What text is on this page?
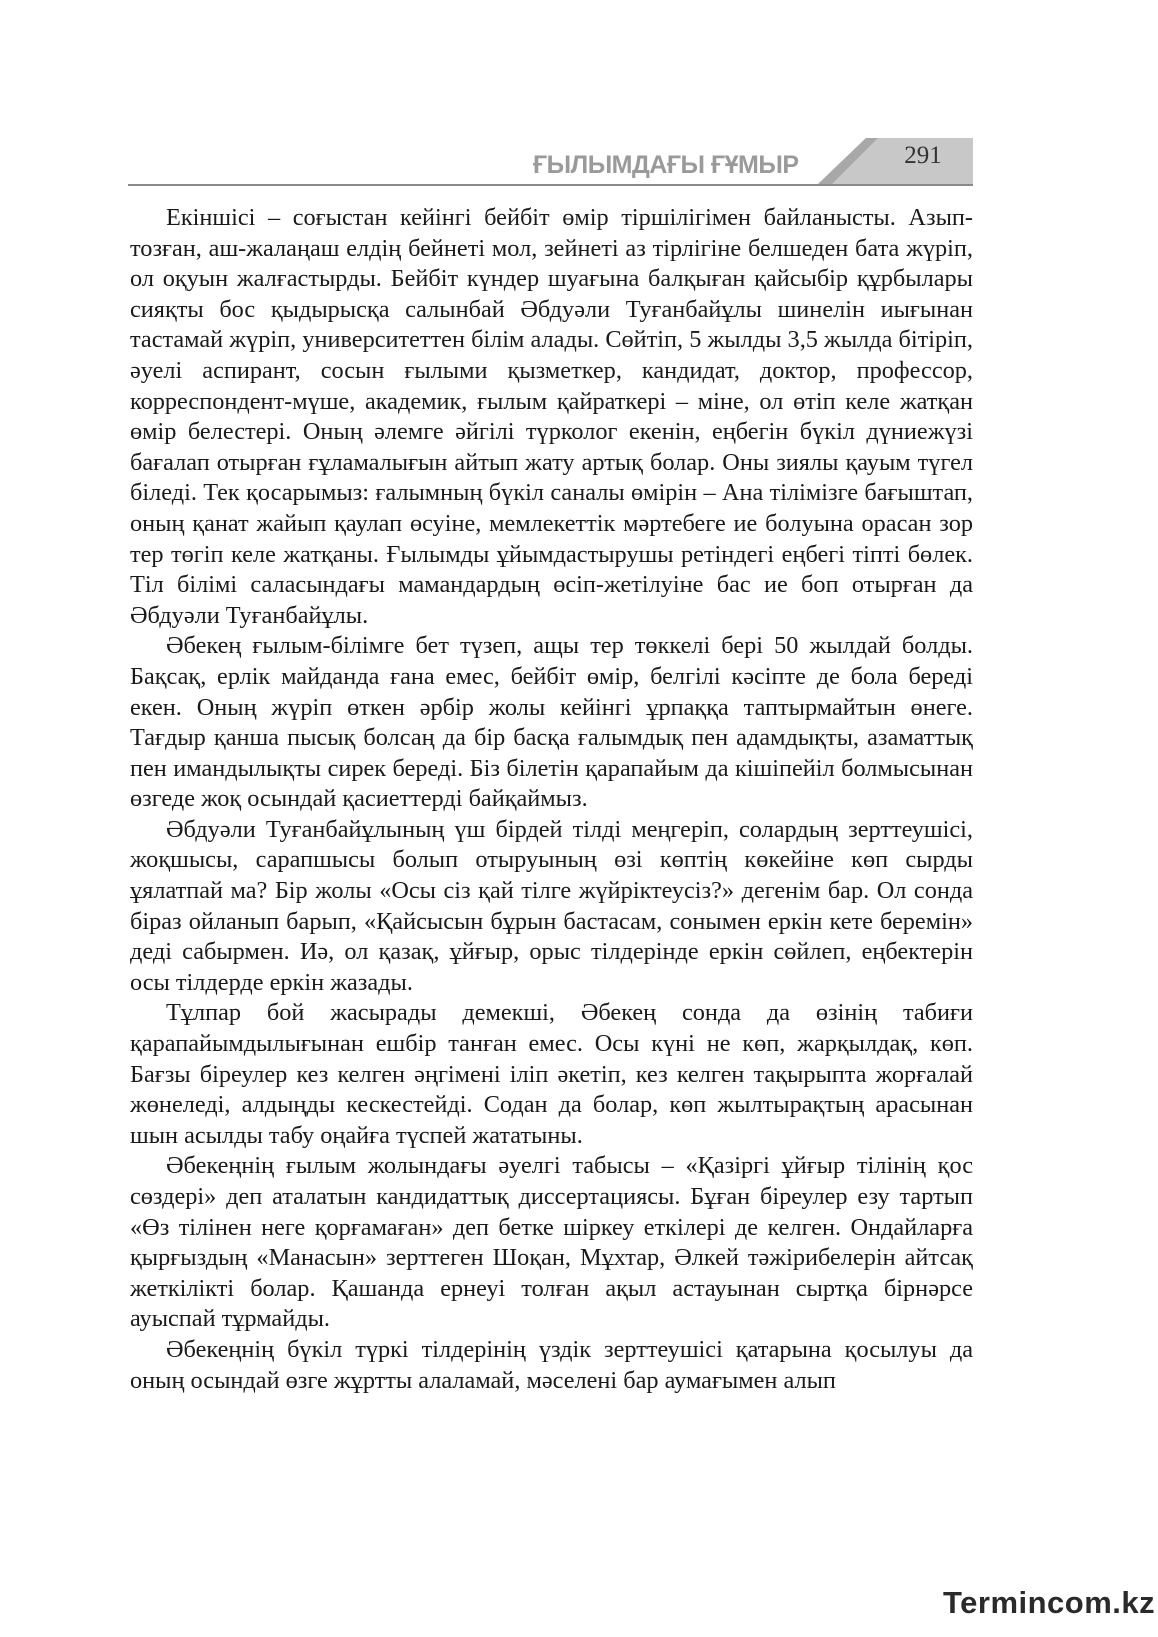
ҒЫЛЫМДАҒЫ ҒҰМЫР	291

Екіншісі – соғыстан кейінгі бейбіт өмір тіршілігімен байланысты. Азып-тозған, аш-жалаңаш елдің бейнеті мол, зейнеті аз тірлігіне белшеден бата жүріп, ол оқуын жалғастырды. Бейбіт күндер шуағына балқыған қайсыбір құрбылары сияқты бос қыдырысқа салынбай Әбдуәли Туғанбайұлы шинелін иығынан тастамай жүріп, университеттен білім алады. Сөйтіп, 5 жылды 3,5 жылда бітіріп, әуелі аспирант, сосын ғылыми қызметкер, кандидат, доктор, профессор, корреспондент-мүше, академик, ғылым қайраткері – міне, ол өтіп келе жатқан өмір белестері. Оның әлемге әйгілі түрколог екенін, еңбегін бүкіл дүниежүзі бағалап отырған ғұламалығын айтып жату артық болар. Оны зиялы қауым түгел біледі. Тек қосарымыз: ғалымның бүкіл саналы өмірін – Ана тілімізге бағыштап, оның қанат жайып қаулап өсуіне, мемлекеттік мәртебеге ие болуына орасан зор тер төгіп келе жатқаны. Ғылымды ұйымдастырушы ретіндегі еңбегі тіпті бөлек. Тіл білімі саласындағы мамандардың өсіп-жетілуіне бас ие боп отырған да Әбдуәли Туғанбайұлы.

Әбекең ғылым-білімге бет түзеп, ащы тер төккелі бері 50 жылдай болды. Бақсақ, ерлік майданда ғана емес, бейбіт өмір, белгілі кәсіпте де бола береді екен. Оның жүріп өткен әрбір жолы кейінгі ұрпаққа таптырмайтын өнеге. Тағдыр қанша пысық болсаң да бір басқа ғалымдық пен адамдықты, азаматтық пен имандылықты сирек береді. Біз білетін қарапайым да кішіпейіл болмысынан өзгеде жоқ осындай қасиеттерді байқаймыз.

Әбдуәли Туғанбайұлының үш бірдей тілді меңгеріп, солардың зерттеушісі, жоқшысы, сарапшысы болып отыруының өзі көптің көкейіне көп сырды ұялатпай ма? Бір жолы «Осы сіз қай тілге жүйріктеусіз?» дегенім бар. Ол сонда біраз ойланып барып, «Қайсысын бұрын бастасам, сонымен еркін кете беремін» деді сабырмен. Иә, ол қазақ, ұйғыр, орыс тілдерінде еркін сөйлеп, еңбектерін осы тілдерде еркін жазады.

Тұлпар бой жасырады демекші, Әбекең сонда да өзінің табиғи қарапайымдылығынан ешбір танған емес. Осы күні не көп, жарқылдақ, көп. Бағзы біреулер кез келген әңгімені іліп әкетіп, кез келген тақырыпта жорғалай жөнеледі, алдыңды кескестейді. Содан да болар, көп жылтырақтың арасынан шын асылды табу оңайға түспей жататыны.

Әбекеңнің ғылым жолындағы әуелгі табысы – «Қазіргі ұйғыр тілінің қос сөздері» деп аталатын кандидаттық диссертациясы. Бұған біреулер езу тартып «Өз тілінен неге қорғамаған» деп бетке шіркеу еткілері де келген. Ондайларға қырғыздың «Манасын» зерттеген Шоқан, Мұхтар, Әлкей тәжірибелерін айтсақ жеткілікті болар. Қашанда ернеуі толған ақыл астауынан сыртқа бірнәрсе ауыспай тұрмайды.

Әбекеңнің бүкіл түркі тілдерінің үздік зерттеушісі қатарына қосылуы да оның осындай өзге жұртты алаламай, мәселені бар аумағымен алып

Termincom.kz
